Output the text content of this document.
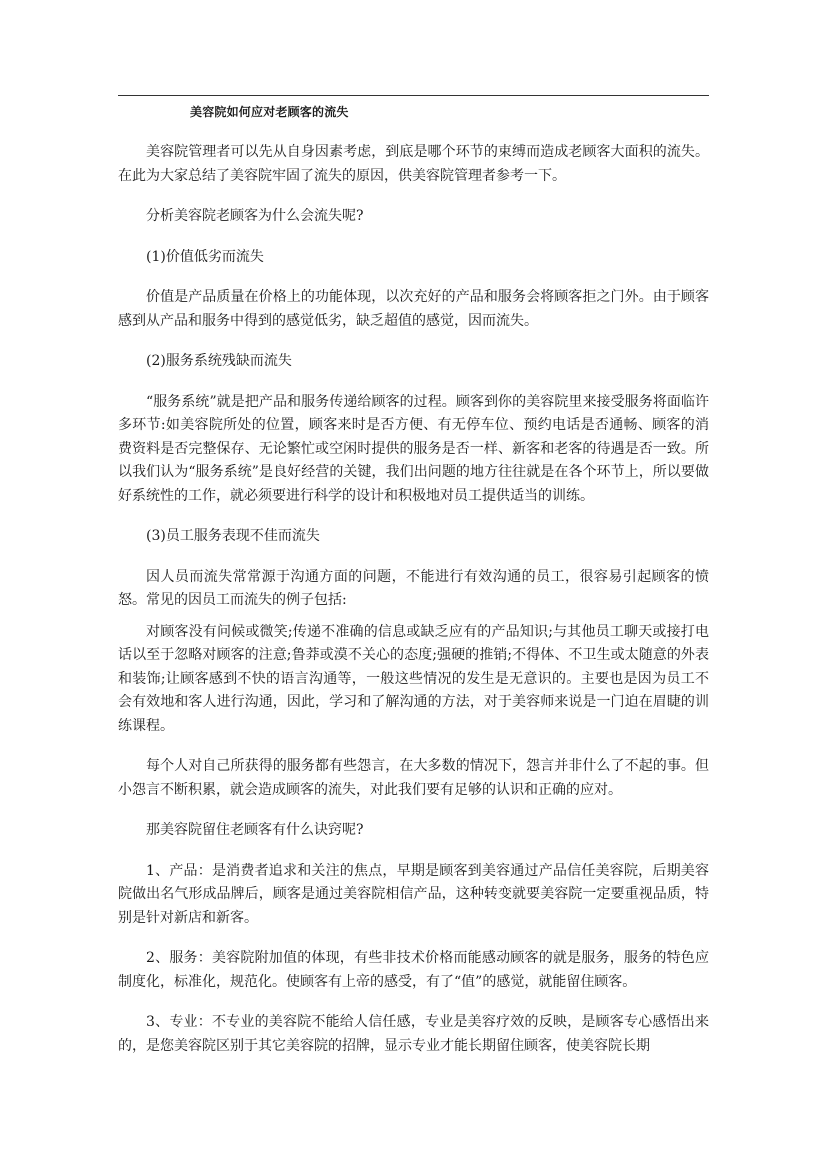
美容院如何应对老顾客的流失

美容院管理者可以先从自身因素考虑，到底是哪个环节的束缚而造成老顾客大面积的流失。在此为大家总结了美容院牢固了流失的原因，供美容院管理者参考一下。

分析美容院老顾客为什么会流失呢?

(1)价值低劣而流失

价值是产品质量在价格上的功能体现，以次充好的产品和服务会将顾客拒之门外。由于顾客感到从产品和服务中得到的感觉低劣，缺乏超值的感觉，因而流失。

(2)服务系统残缺而流失

“服务系统”就是把产品和服务传递给顾客的过程。顾客到你的美容院里来接受服务将面临许多环节:如美容院所处的位置，顾客来时是否方便、有无停车位、预约电话是否通畅、顾客的消费资料是否完整保存、无论繁忙或空闲时提供的服务是否一样、新客和老客的待遇是否一致。所以我们认为“服务系统”是良好经营的关键，我们出问题的地方往往就是在各个环节上，所以要做好系统性的工作，就必须要进行科学的设计和积极地对员工提供适当的训练。

(3)员工服务表现不佳而流失

因人员而流失常常源于沟通方面的问题，不能进行有效沟通的员工，很容易引起顾客的愤怒。常见的因员工而流失的例子包括:

对顾客没有问候或微笑;传递不准确的信息或缺乏应有的产品知识;与其他员工聊天或接打电话以至于忽略对顾客的注意;鲁莽或漠不关心的态度;强硬的推销;不得体、不卫生或太随意的外表和装饰;让顾客感到不快的语言沟通等，一般这些情况的发生是无意识的。主要也是因为员工不会有效地和客人进行沟通，因此，学习和了解沟通的方法，对于美容师来说是一门迫在眉睫的训练课程。

每个人对自己所获得的服务都有些怨言，在大多数的情况下，怨言并非什么了不起的事。但小怨言不断积累，就会造成顾客的流失，对此我们要有足够的认识和正确的应对。

那美容院留住老顾客有什么诀窍呢?

1、产品：是消费者追求和关注的焦点，早期是顾客到美容通过产品信任美容院，后期美容院做出名气形成品牌后，顾客是通过美容院相信产品，这种转变就要美容院一定要重视品质，特别是针对新店和新客。

2、服务：美容院附加值的体现，有些非技术价格而能感动顾客的就是服务，服务的特色应制度化，标准化，规范化。使顾客有上帝的感受，有了“值”的感觉，就能留住顾客。

3、专业：不专业的美容院不能给人信任感，专业是美容疗效的反映，是顾客专心感悟出来的，是您美容院区别于其它美容院的招牌，显示专业才能长期留住顾客，使美容院长期
